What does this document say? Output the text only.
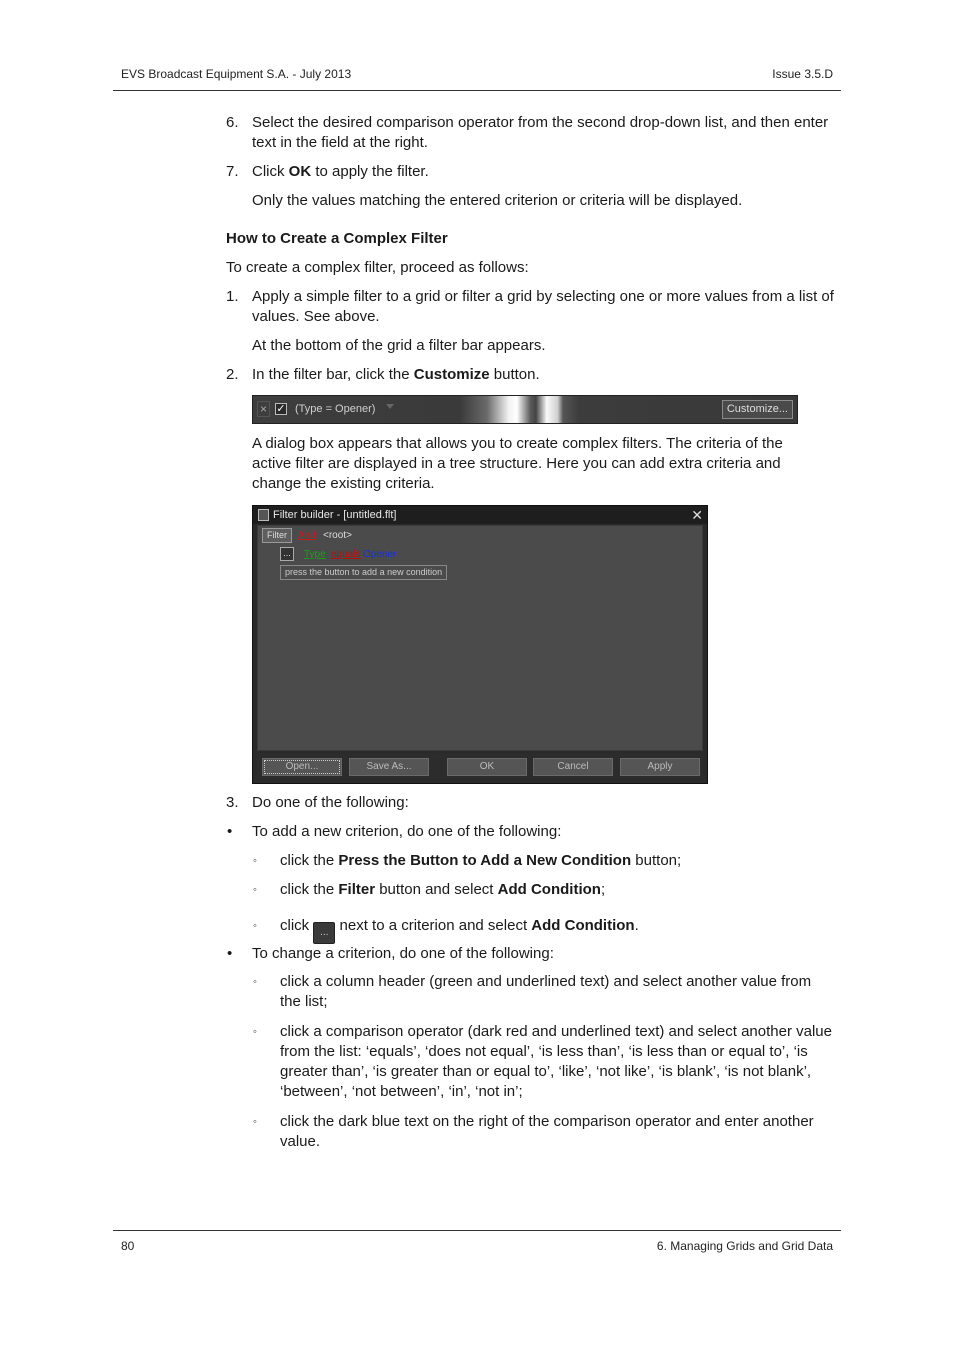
EVS Broadcast Equipment S.A. - July 2013	Issue 3.5.D
6. Select the desired comparison operator from the second drop-down list, and then enter text in the field at the right.

7. Click OK to apply the filter.

Only the values matching the entered criterion or criteria will be displayed.

How to Create a Complex Filter

To create a complex filter, proceed as follows:

1. Apply a simple filter to a grid or filter a grid by selecting one or more values from a list of values. See above.

At the bottom of the grid a filter bar appears.

2. In the filter bar, click the Customize button.

× ✓ (Type = Opener)	Customize...

A dialog box appears that allows you to create complex filters. The criteria of the active filter are displayed in a tree structure. Here you can add extra criteria and change the existing criteria.

Filter builder - [untitled.flt]	✕
Filter	And <root>
...	Type equals Opener
press the button to add a new condition
Open...	Save As...	OK	Cancel	Apply
3. Do one of the following:

• To add a new criterion, do one of the following:

◦ click the Press the Button to Add a New Condition button;

◦ click the Filter button and select Add Condition;

◦ click ... next to a criterion and select Add Condition.

• To change a criterion, do one of the following:

◦ click a column header (green and underlined text) and select another value from the list;

◦ click a comparison operator (dark red and underlined text) and select another value from the list: ‘equals’, ‘does not equal’, ‘is less than’, ‘is less than or equal to’, ‘is greater than’, ‘is greater than or equal to’, ‘like’, ‘not like’, ‘is blank’, ‘is not blank’, ‘between’, ‘not between’, ‘in’, ‘not in’;

◦ click the dark blue text on the right of the comparison operator and enter another value.

80	6. Managing Grids and Grid Data
